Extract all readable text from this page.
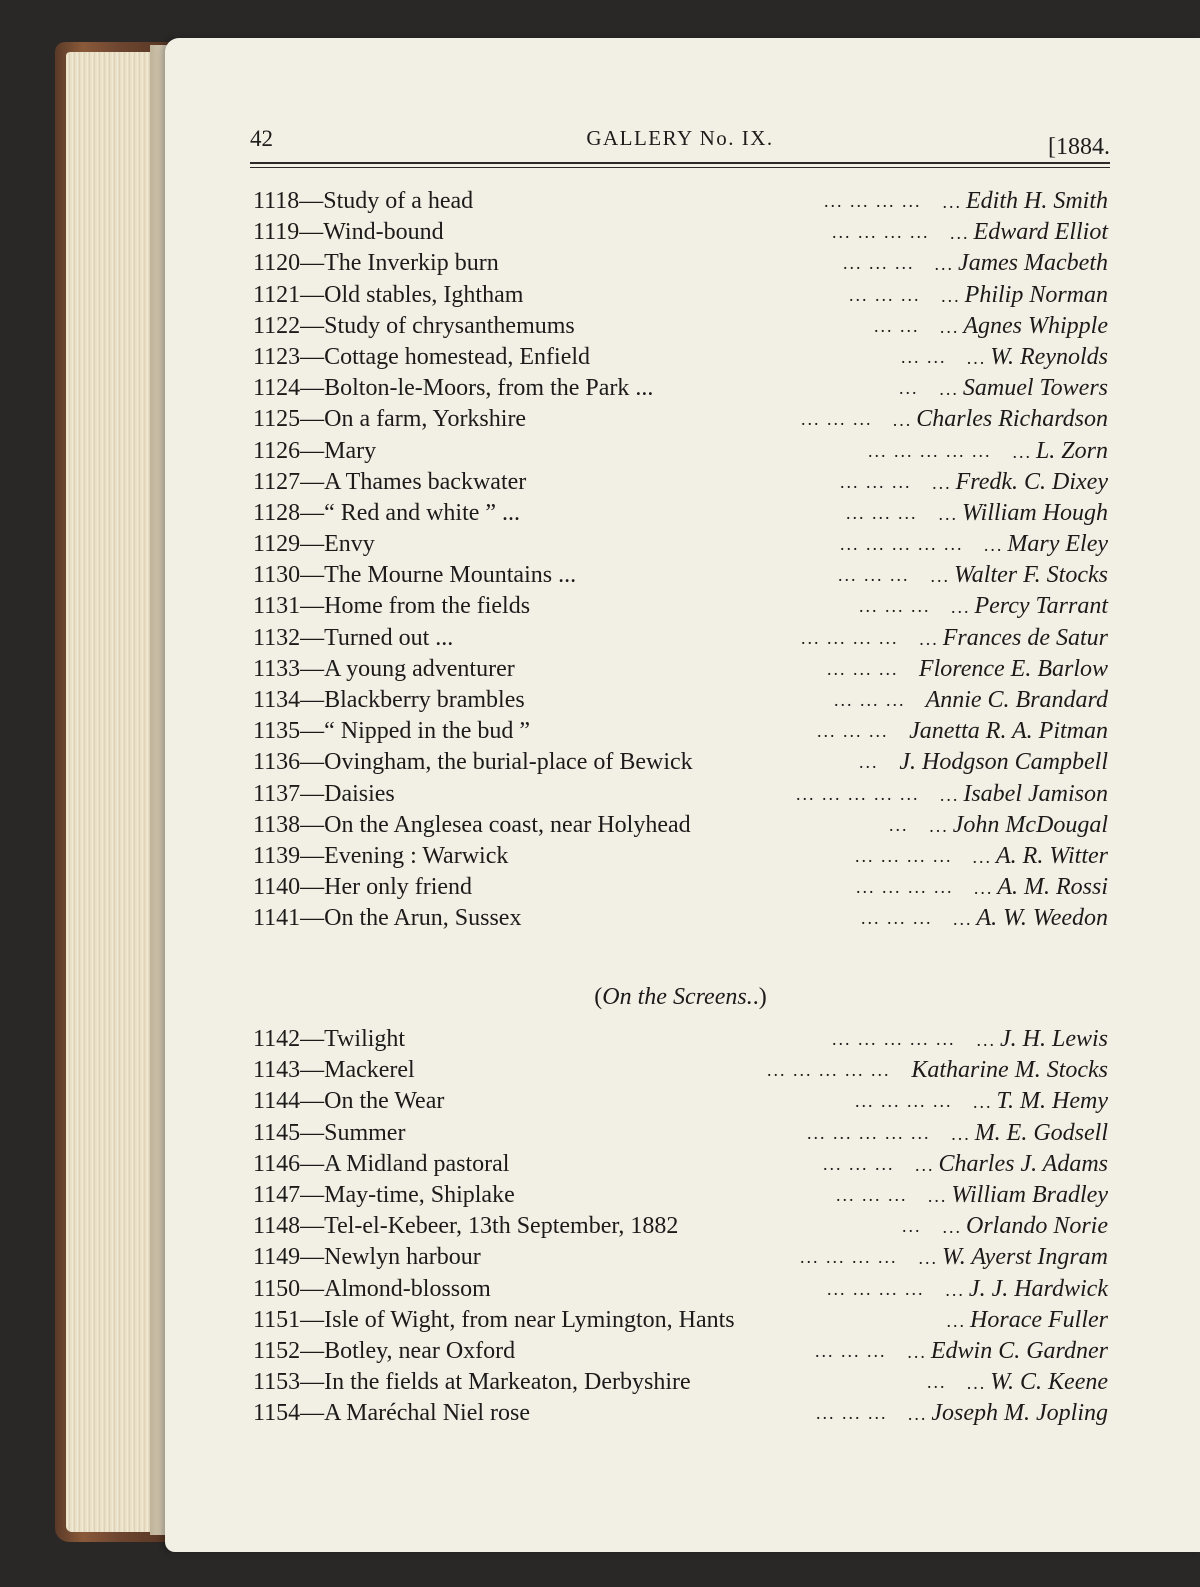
42	GALLERY No. IX.	[1884.
1118—Study of a head	... ... ... ... ... Edith H. Smith
1119—Wind-bound	... ... ... ... ... Edward Elliot
1120—The Inverkip burn	... ... ... ... James Macbeth
1121—Old stables, Ightham	... ... ... ... Philip Norman
1122—Study of chrysanthemums	... ... ... Agnes Whipple
1123—Cottage homestead, Enfield	... ... ... W. Reynolds
1124—Bolton-le-Moors, from the Park ...	... ... Samuel Towers
1125—On a farm, Yorkshire	... ... ... ... Charles Richardson
1126—Mary	... ... ... ... ... ... L. Zorn
1127—A Thames backwater	... ... ... ... Fredk. C. Dixey
1128—“ Red and white ” ...	... ... ... ... William Hough
1129—Envy	... ... ... ... ... ... Mary Eley
1130—The Mourne Mountains ...	... ... ... ... Walter F. Stocks
1131—Home from the fields	... ... ... ... Percy Tarrant
1132—Turned out ...	... ... ... ... ... Frances de Satur
1133—A young adventurer	... ... ... Florence E. Barlow
1134—Blackberry brambles	... ... ... Annie C. Brandard
1135—“ Nipped in the bud ”	... ... ... Janetta R. A. Pitman
1136—Ovingham, the burial-place of Bewick	... J. Hodgson Campbell
1137—Daisies	... ... ... ... ... ... Isabel Jamison
1138—On the Anglesea coast, near Holyhead	... ... John McDougal
1139—Evening : Warwick	... ... ... ... ... A. R. Witter
1140—Her only friend	... ... ... ... ... A. M. Rossi
1141—On the Arun, Sussex	... ... ... ... A. W. Weedon
(On the Screens..)
1142—Twilight	... ... ... ... ... ... J. H. Lewis
1143—Mackerel	... ... ... ... ... Katharine M. Stocks
1144—On the Wear	... ... ... ... ... T. M. Hemy
1145—Summer	... ... ... ... ... ... M. E. Godsell
1146—A Midland pastoral	... ... ... ... Charles J. Adams
1147—May-time, Shiplake	... ... ... ... William Bradley
1148—Tel-el-Kebeer, 13th September, 1882	... ... Orlando Norie
1149—Newlyn harbour	... ... ... ... ... W. Ayerst Ingram
1150—Almond-blossom	... ... ... ... ... J. J. Hardwick
1151—Isle of Wight, from near Lymington, Hants	... Horace Fuller
1152—Botley, near Oxford	... ... ... ... Edwin C. Gardner
1153—In the fields at Markeaton, Derbyshire	... ... W. C. Keene
1154—A Maréchal Niel rose	... ... ... ... Joseph M. Jopling
